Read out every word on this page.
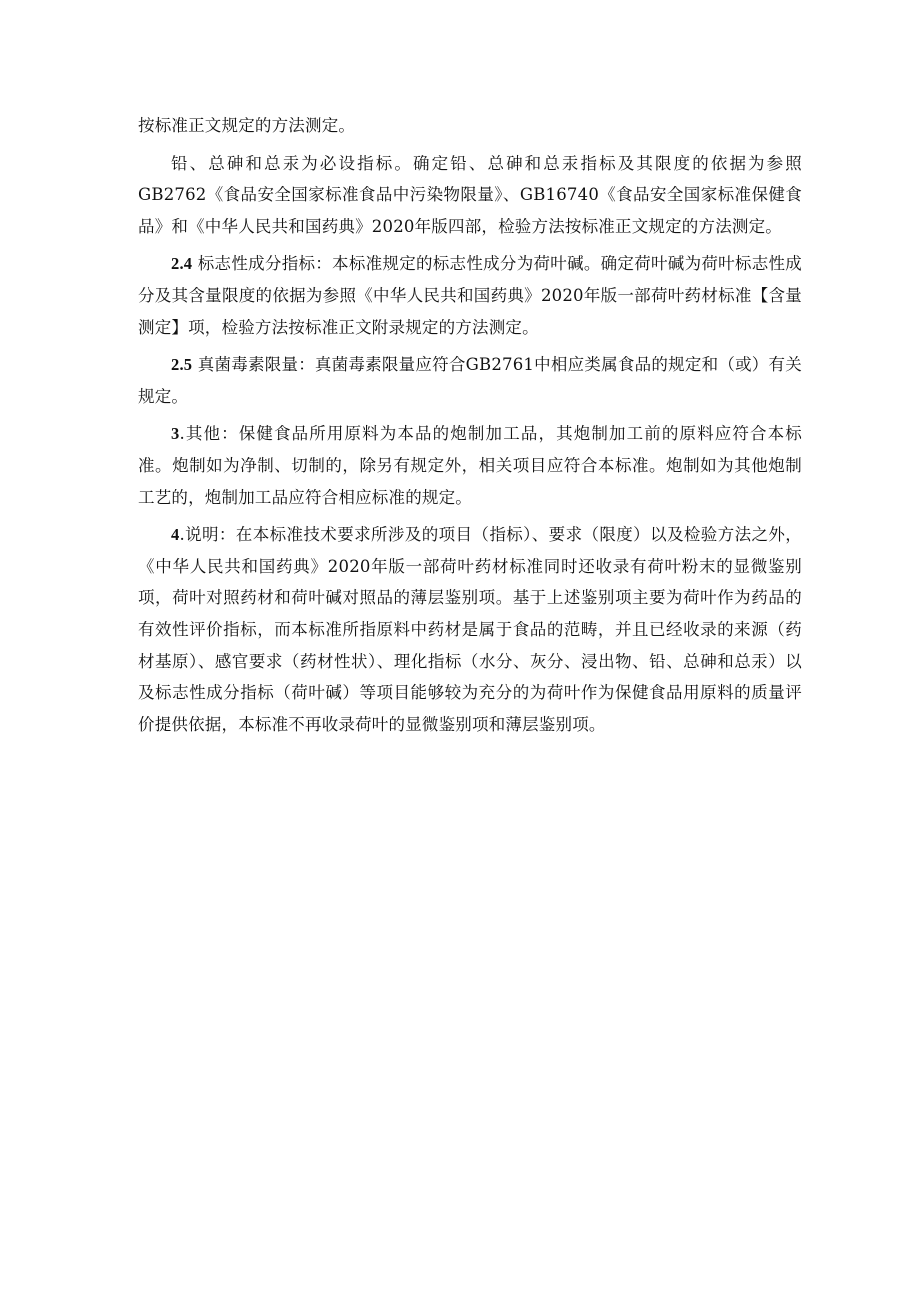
按标准正文规定的方法测定。

铅、总砷和总汞为必设指标。确定铅、总砷和总汞指标及其限度的依据为参照GB2762《食品安全国家标准食品中污染物限量》、GB16740《食品安全国家标准保健食品》和《中华人民共和国药典》2020年版四部，检验方法按标准正文规定的方法测定。

2.4 标志性成分指标：本标准规定的标志性成分为荷叶碱。确定荷叶碱为荷叶标志性成分及其含量限度的依据为参照《中华人民共和国药典》2020年版一部荷叶药材标准【含量测定】项，检验方法按标准正文附录规定的方法测定。

2.5 真菌毒素限量：真菌毒素限量应符合GB2761中相应类属食品的规定和（或）有关规定。

3.其他：保健食品所用原料为本品的炮制加工品，其炮制加工前的原料应符合本标准。炮制如为净制、切制的，除另有规定外，相关项目应符合本标准。炮制如为其他炮制工艺的，炮制加工品应符合相应标准的规定。

4.说明：在本标准技术要求所涉及的项目（指标）、要求（限度）以及检验方法之外，《中华人民共和国药典》2020年版一部荷叶药材标准同时还收录有荷叶粉末的显微鉴别项，荷叶对照药材和荷叶碱对照品的薄层鉴别项。基于上述鉴别项主要为荷叶作为药品的有效性评价指标，而本标准所指原料中药材是属于食品的范畴，并且已经收录的来源（药材基原）、感官要求（药材性状）、理化指标（水分、灰分、浸出物、铅、总砷和总汞）以及标志性成分指标（荷叶碱）等项目能够较为充分的为荷叶作为保健食品用原料的质量评价提供依据，本标准不再收录荷叶的显微鉴别项和薄层鉴别项。
